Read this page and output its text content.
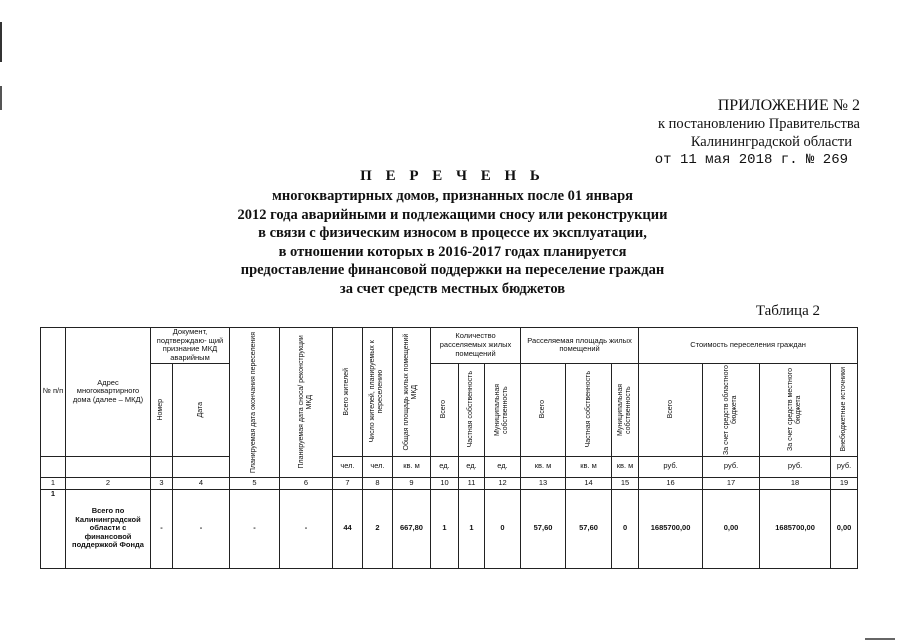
ПРИЛОЖЕНИЕ № 2
к постановлению Правительства
Калининградской области
от 11 мая 2018 г. № 269
П Е Р Е Ч Е Н Ь
многоквартирных домов, признанных после 01 января
2012 года аварийными и подлежащими сносу или реконструкции
в связи с физическим износом в процессе их эксплуатации,
в отношении которых в 2016-2017 годах планируется
предоставление финансовой поддержки на переселение граждан
за счет средств местных бюджетов
Таблица 2
№ п/п	Адрес многоквартирного дома (далее – МКД)	Документ, подтверждаю- щий признание МКД аварийным		Планируемая дата окончания переселения	Планируемая дата сноса/ реконструкции МКД	Всего жителей	Число жителей, планируемых к переселению	Общая площадь жилых помещений МКД	Количество расселяемых жилых помещений			Расселяемая площадь жилых помещений			Стоимость переселения граждан			

		Номер	Дата						Всего	Частная собственность	Муниципальная собственность	Всего	Частная собственность	Муниципальная собственность	Всего	За счет средств областного бюджета	За счет средств местного бюджета	Внебюджетные источники

						чел.	чел.	кв. м	ед.	ед.	ед.	кв. м	кв. м	кв. м	руб.	руб.	руб.	руб.
1	2	3	4	5	6	7	8	9	10	11	12	13	14	15	16	17	18	19
1	Всего по Калининградской области с финансовой поддержкой Фонда	-	-	-	-	44	2	667,80	1	1	0	57,60	57,60	0	1685700,00	0,00	1685700,00	0,00
